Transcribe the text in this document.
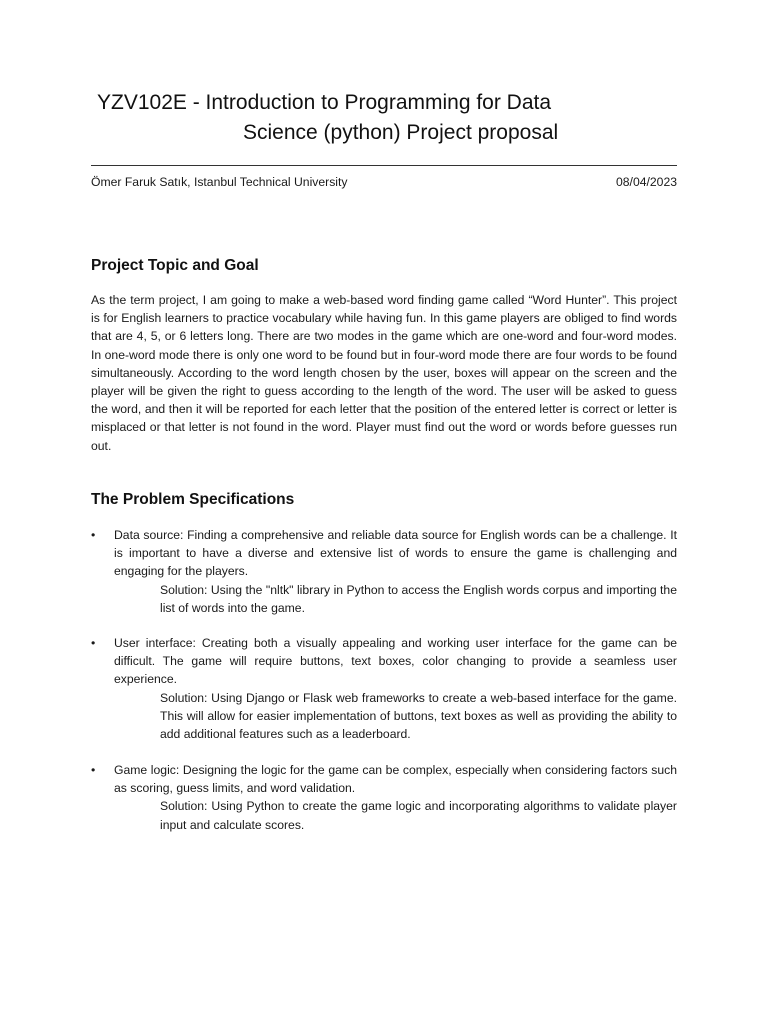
YZV102E - Introduction to Programming for Data
Science (python) Project proposal
Ömer Faruk Satık, Istanbul Technical University	08/04/2023
Project Topic and Goal

As the term project, I am going to make a web-based word finding game called “Word Hunter”. This project is for English learners to practice vocabulary while having fun. In this game players are obliged to find words that are 4, 5, or 6 letters long. There are two modes in the game which are one-word and four-word modes. In one-word mode there is only one word to be found but in four-word mode there are four words to be found simultaneously. According to the word length chosen by the user, boxes will appear on the screen and the player will be given the right to guess according to the length of the word. The user will be asked to guess the word, and then it will be reported for each letter that the position of the entered letter is correct or letter is misplaced or that letter is not found in the word. Player must find out the word or words before guesses run out.

The Problem Specifications
•	Data source: Finding a comprehensive and reliable data source for English words can be a challenge. It is important to have a diverse and extensive list of words to ensure the game is challenging and engaging for the players.
Solution: Using the "nltk" library in Python to access the English words corpus and importing the list of words into the game.
•	User interface: Creating both a visually appealing and working user interface for the game can be difficult. The game will require buttons, text boxes, color changing to provide a seamless user experience.
Solution: Using Django or Flask web frameworks to create a web-based interface for the game. This will allow for easier implementation of buttons, text boxes as well as providing the ability to add additional features such as a leaderboard.
•	Game logic: Designing the logic for the game can be complex, especially when considering factors such as scoring, guess limits, and word validation.
Solution: Using Python to create the game logic and incorporating algorithms to validate player input and calculate scores.
